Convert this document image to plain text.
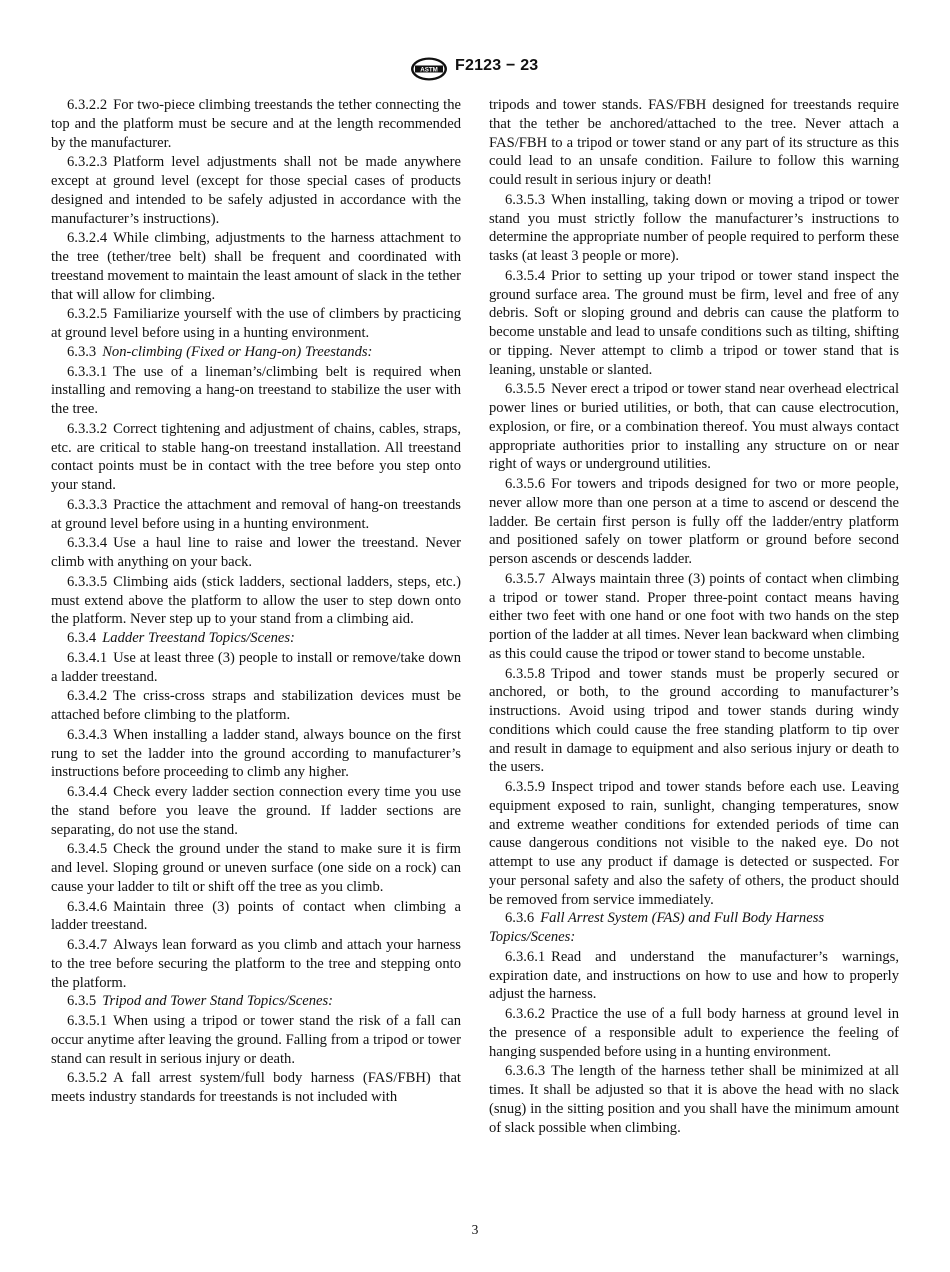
ASTM F2123 − 23

6.3.2.2 For two-piece climbing treestands the tether connecting the top and the platform must be secure and at the length recommended by the manufacturer.

6.3.2.3 Platform level adjustments shall not be made anywhere except at ground level (except for those special cases of products designed and intended to be safely adjusted in accordance with the manufacturer’s instructions).

6.3.2.4 While climbing, adjustments to the harness attachment to the tree (tether/tree belt) shall be frequent and coordinated with treestand movement to maintain the least amount of slack in the tether that will allow for climbing.

6.3.2.5 Familiarize yourself with the use of climbers by practicing at ground level before using in a hunting environment.

6.3.3 Non-climbing (Fixed or Hang-on) Treestands:

6.3.3.1 The use of a lineman’s/climbing belt is required when installing and removing a hang-on treestand to stabilize the user with the tree.

6.3.3.2 Correct tightening and adjustment of chains, cables, straps, etc. are critical to stable hang-on treestand installation. All treestand contact points must be in contact with the tree before you step onto your stand.

6.3.3.3 Practice the attachment and removal of hang-on treestands at ground level before using in a hunting environment.

6.3.3.4 Use a haul line to raise and lower the treestand. Never climb with anything on your back.

6.3.3.5 Climbing aids (stick ladders, sectional ladders, steps, etc.) must extend above the platform to allow the user to step down onto the platform. Never step up to your stand from a climbing aid.

6.3.4 Ladder Treestand Topics/Scenes:

6.3.4.1 Use at least three (3) people to install or remove/take down a ladder treestand.

6.3.4.2 The criss-cross straps and stabilization devices must be attached before climbing to the platform.

6.3.4.3 When installing a ladder stand, always bounce on the first rung to set the ladder into the ground according to manufacturer’s instructions before proceeding to climb any higher.

6.3.4.4 Check every ladder section connection every time you use the stand before you leave the ground. If ladder sections are separating, do not use the stand.

6.3.4.5 Check the ground under the stand to make sure it is firm and level. Sloping ground or uneven surface (one side on a rock) can cause your ladder to tilt or shift off the tree as you climb.

6.3.4.6 Maintain three (3) points of contact when climbing a ladder treestand.

6.3.4.7 Always lean forward as you climb and attach your harness to the tree before securing the platform to the tree and stepping onto the platform.

6.3.5 Tripod and Tower Stand Topics/Scenes:

6.3.5.1 When using a tripod or tower stand the risk of a fall can occur anytime after leaving the ground. Falling from a tripod or tower stand can result in serious injury or death.

6.3.5.2 A fall arrest system/full body harness (FAS/FBH) that meets industry standards for treestands is not included with

tripods and tower stands. FAS/FBH designed for treestands require that the tether be anchored/attached to the tree. Never attach a FAS/FBH to a tripod or tower stand or any part of its structure as this could lead to an unsafe condition. Failure to follow this warning could result in serious injury or death!

6.3.5.3 When installing, taking down or moving a tripod or tower stand you must strictly follow the manufacturer’s instructions to determine the appropriate number of people required to perform these tasks (at least 3 people or more).

6.3.5.4 Prior to setting up your tripod or tower stand inspect the ground surface area. The ground must be firm, level and free of any debris. Soft or sloping ground and debris can cause the platform to become unstable and lead to unsafe conditions such as tilting, shifting or tipping. Never attempt to climb a tripod or tower stand that is leaning, unstable or slanted.

6.3.5.5 Never erect a tripod or tower stand near overhead electrical power lines or buried utilities, or both, that can cause electrocution, explosion, or fire, or a combination thereof. You must always contact appropriate authorities prior to installing any structure on or near right of ways or underground utilities.

6.3.5.6 For towers and tripods designed for two or more people, never allow more than one person at a time to ascend or descend the ladder. Be certain first person is fully off the ladder/entry platform and positioned safely on tower platform or ground before second person ascends or descends ladder.

6.3.5.7 Always maintain three (3) points of contact when climbing a tripod or tower stand. Proper three-point contact means having either two feet with one hand or one foot with two hands on the step portion of the ladder at all times. Never lean backward when climbing as this could cause the tripod or tower stand to become unstable.

6.3.5.8 Tripod and tower stands must be properly secured or anchored, or both, to the ground according to manufacturer’s instructions. Avoid using tripod and tower stands during windy conditions which could cause the free standing platform to tip over and result in damage to equipment and also serious injury or death to the users.

6.3.5.9 Inspect tripod and tower stands before each use. Leaving equipment exposed to rain, sunlight, changing temperatures, snow and extreme weather conditions for extended periods of time can cause dangerous conditions not visible to the naked eye. Do not attempt to use any product if damage is detected or suspected. For your personal safety and also the safety of others, the product should be removed from service immediately.

6.3.6 Fall Arrest System (FAS) and Full Body Harness Topics/Scenes:

6.3.6.1 Read and understand the manufacturer’s warnings, expiration date, and instructions on how to use and how to properly adjust the harness.

6.3.6.2 Practice the use of a full body harness at ground level in the presence of a responsible adult to experience the feeling of hanging suspended before using in a hunting environment.

6.3.6.3 The length of the harness tether shall be minimized at all times. It shall be adjusted so that it is above the head with no slack (snug) in the sitting position and you shall have the minimum amount of slack possible when climbing.

3
